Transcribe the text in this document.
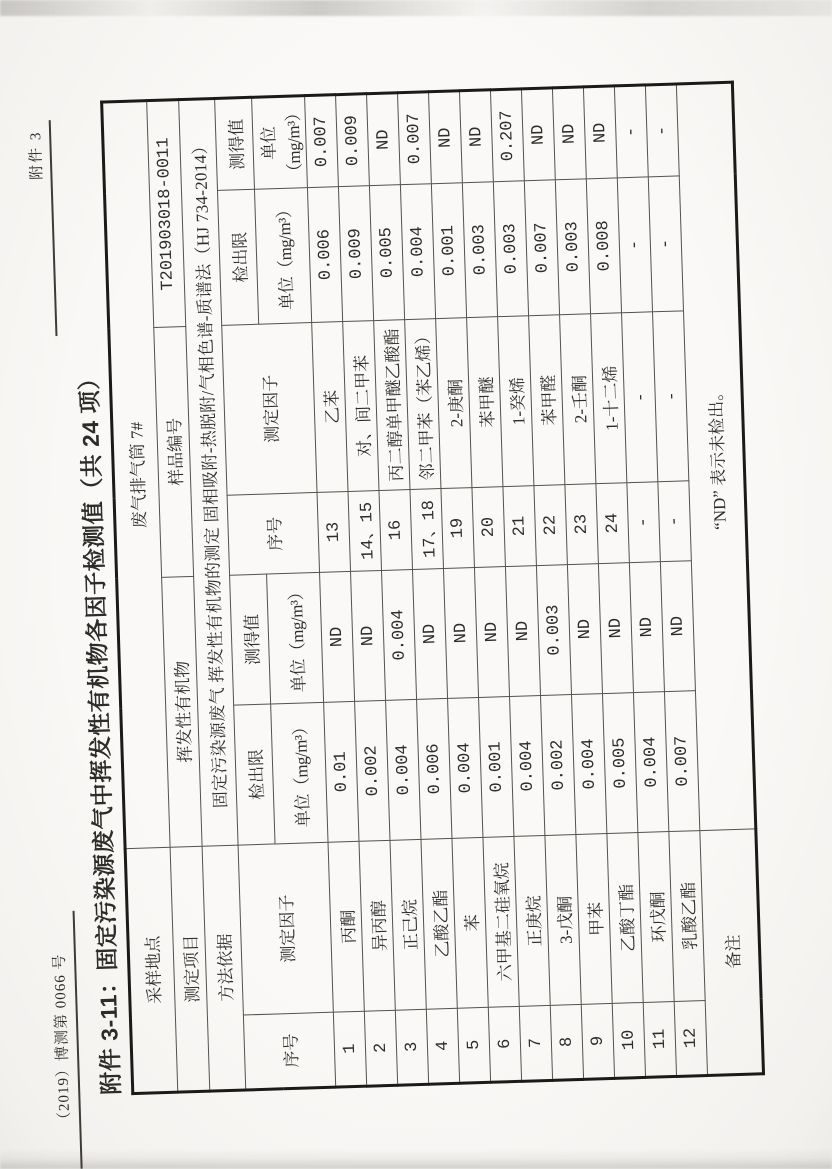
（2019）博测第 0066 号
附件 3
附件 3-11：固定污染源废气中挥发性有机物各因子检测值（共 24 项） 采样地点		废气排气筒 7#					
测定项目		挥发性有机物		样品编号		T201903018-0011	
方法依据		固定污染源废气 挥发性有机物的测定 固相吸附-热脱附/气相色谱-质谱法（HJ 734-2014）					
序号	测定因子	检出限	测得值	序号	测定因子	检出限	测得值
		单位（mg/m³）	单位（mg/m³）			单位（mg/m³）	单位（mg/m³）
1	丙酮	0.01	ND	13	乙苯	0.006	0.007
2	异丙醇	0.002	ND	14、15	对、间二甲苯	0.009	0.009
3	正己烷	0.004	0.004	16	丙二醇单甲醚乙酸酯	0.005	ND
4	乙酸乙酯	0.006	ND	17、18	邻二甲苯（苯乙烯）	0.004	0.007
5	苯	0.004	ND	19	2-庚酮	0.001	ND
6	六甲基二硅氧烷	0.001	ND	20	苯甲醚	0.003	ND
7	正庚烷	0.004	ND	21	1-癸烯	0.003	0.207
8	3-戊酮	0.002	0.003	22	苯甲醛	0.007	ND
9	甲苯	0.004	ND	23	2-壬酮	0.003	ND
10	乙酸丁酯	0.005	ND	24	1-十二烯	0.008	ND
11	环戊酮	0.004	ND	-	-	-	-
12	乳酸乙酯	0.007	ND	-	-	-	-
备注		“ND” 表示未检出。					
